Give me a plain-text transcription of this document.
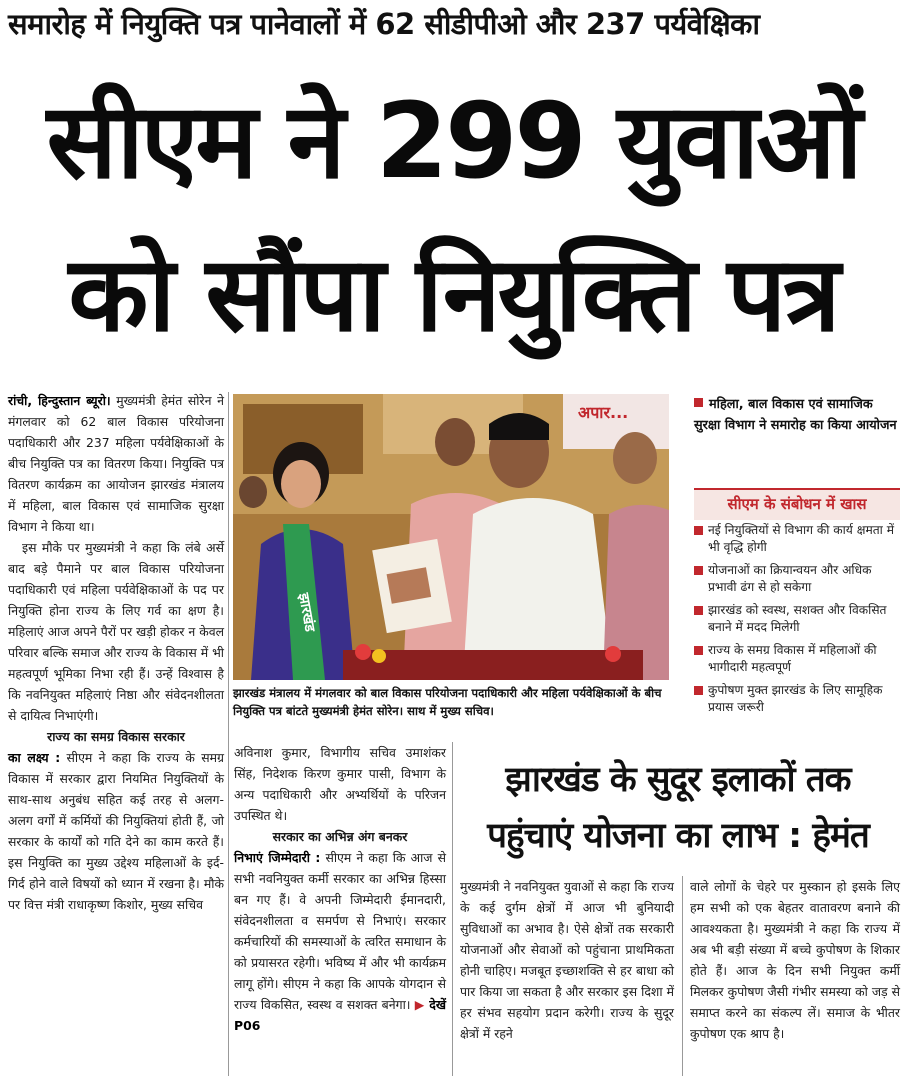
समारोह में नियुक्ति पत्र पानेवालों में 62 सीडीपीओ और 237 पर्यवेक्षिका
सीएम ने 299 युवाओं
को सौंपा नियुक्ति पत्र

रांची, हिन्दुस्तान ब्यूरो। मुख्यमंत्री हेमंत सोरेन ने मंगलवार को 62 बाल विकास परियोजना पदाधिकारी और 237 महिला पर्यवेक्षिकाओं के बीच नियुक्ति पत्र का वितरण किया। नियुक्ति पत्र वितरण कार्यक्रम का आयोजन झारखंड मंत्रालय में महिला, बाल विकास एवं सामाजिक सुरक्षा विभाग ने किया था।

इस मौके पर मुख्यमंत्री ने कहा कि लंबे अर्से बाद बड़े पैमाने पर बाल विकास परियोजना पदाधिकारी एवं महिला पर्यवेक्षिकाओं के पद पर नियुक्ति होना राज्य के लिए गर्व का क्षण है। महिलाएं आज अपने पैरों पर खड़ी होकर न केवल परिवार बल्कि समाज और राज्य के विकास में भी महत्वपूर्ण भूमिका निभा रही हैं। उन्हें विश्वास है कि नवनियुक्त महिलाएं निष्ठा और संवेदनशीलता से दायित्व निभाएंगी।

राज्य का समग्र विकास सरकार

का लक्ष्य : सीएम ने कहा कि राज्य के समग्र विकास में सरकार द्वारा नियमित नियुक्तियों के साथ-साथ अनुबंध सहित कई तरह से अलग-अलग वर्गों में कर्मियों की नियुक्तियां होती हैं, जो सरकार के कार्यों को गति देने का काम करते हैं। इस नियुक्ति का मुख्य उद्देश्य महिलाओं के इर्द-गिर्द होने वाले विषयों को ध्यान में रखना है। मौके पर वित्त मंत्री राधाकृष्ण किशोर, मुख्य सचिव

अपार...
झारखंड
झारखंड मंत्रालय में मंगलवार को बाल विकास परियोजना पदाधिकारी और महिला पर्यवेक्षिकाओं के बीच नियुक्ति पत्र बांटते मुख्यमंत्री हेमंत सोरेन। साथ में मुख्य सचिव।
महिला, बाल विकास एवं सामाजिक सुरक्षा विभाग ने समारोह का किया आयोजन
सीएम के संबोधन में खास
नई नियुक्तियों से विभाग की कार्य क्षमता में भी वृद्धि होगी
योजनाओं का क्रियान्वयन और अधिक प्रभावी ढंग से हो सकेगा
झारखंड को स्वस्थ, सशक्त और विकसित बनाने में मदद मिलेगी
राज्य के समग्र विकास में महिलाओं की भागीदारी महत्वपूर्ण
कुपोषण मुक्त झारखंड के लिए सामूहिक प्रयास जरूरी

अविनाश कुमार, विभागीय सचिव उमाशंकर सिंह, निदेशक किरण कुमार पासी, विभाग के अन्य पदाधिकारी और अभ्यर्थियों के परिजन उपस्थित थे।

सरकार का अभिन्न अंग बनकर

निभाएं जिम्मेदारी : सीएम ने कहा कि आज से सभी नवनियुक्त कर्मी सरकार का अभिन्न हिस्सा बन गए हैं। वे अपनी जिम्मेदारी ईमानदारी, संवेदनशीलता व समर्पण से निभाएं। सरकार कर्मचारियों की समस्याओं के त्वरित समाधान के को प्रयासरत रहेगी। भविष्य में और भी कार्यक्रम लागू होंगे। सीएम ने कहा कि आपके योगदान से राज्य विकसित, स्वस्थ व सशक्त बनेगा। ▶ देखें P06

झारखंड के सुदूर इलाकों तक
पहुंचाएं योजना का लाभ : हेमंत

मुख्यमंत्री ने नवनियुक्त युवाओं से कहा कि राज्य के कई दुर्गम क्षेत्रों में आज भी बुनियादी सुविधाओं का अभाव है। ऐसे क्षेत्रों तक सरकारी योजनाओं और सेवाओं को पहुंचाना प्राथमिकता होनी चाहिए। मजबूत इच्छाशक्ति से हर बाधा को पार किया जा सकता है और सरकार इस दिशा में हर संभव सहयोग प्रदान करेगी। राज्य के सुदूर क्षेत्रों में रहने

वाले लोगों के चेहरे पर मुस्कान हो इसके लिए हम सभी को एक बेहतर वातावरण बनाने की आवश्यकता है। मुख्यमंत्री ने कहा कि राज्य में अब भी बड़ी संख्या में बच्चे कुपोषण के शिकार होते हैं। आज के दिन सभी नियुक्त कर्मी मिलकर कुपोषण जैसी गंभीर समस्या को जड़ से समाप्त करने का संकल्प लें। समाज के भीतर कुपोषण एक श्राप है।
